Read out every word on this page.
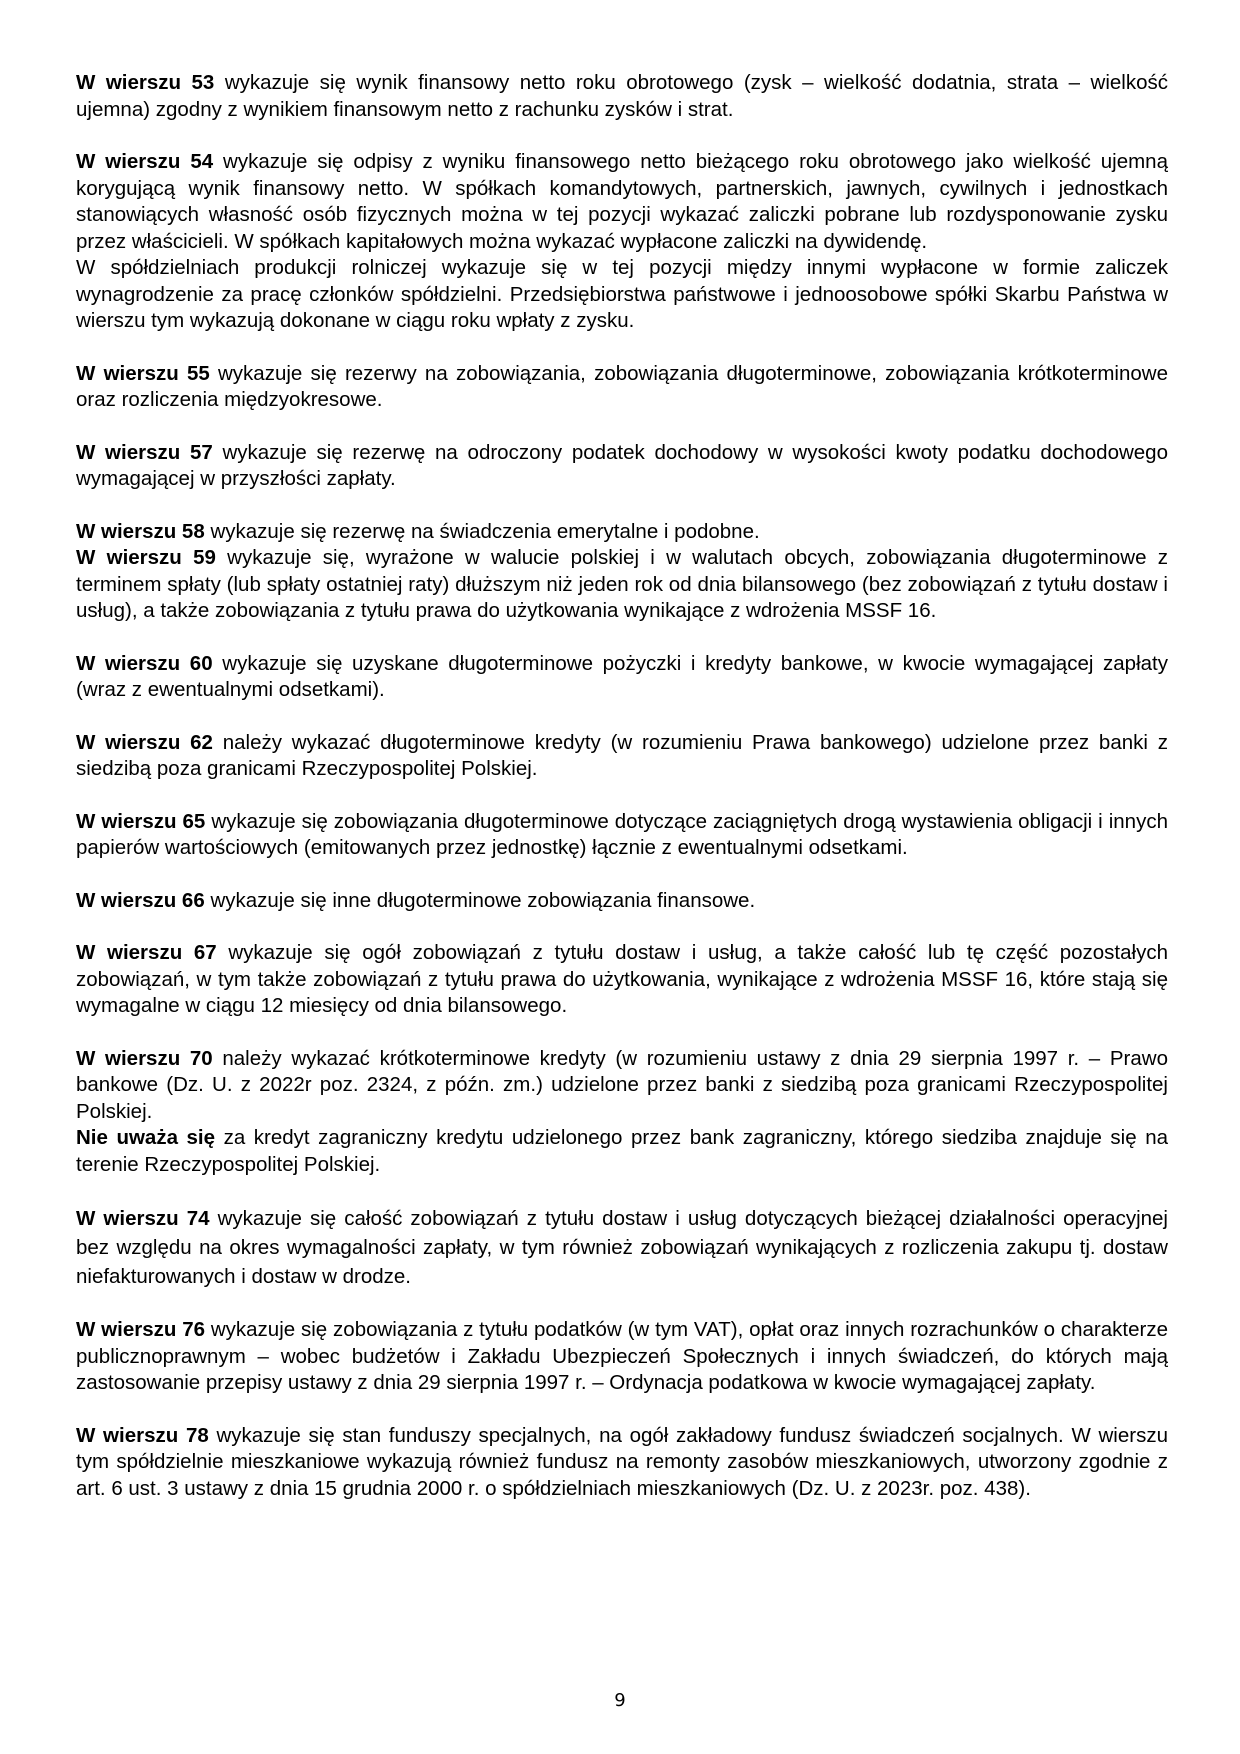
W wierszu 53 wykazuje się wynik finansowy netto roku obrotowego (zysk – wielkość dodatnia, strata – wielkość ujemna) zgodny z wynikiem finansowym netto z rachunku zysków i strat.

W wierszu 54 wykazuje się odpisy z wyniku finansowego netto bieżącego roku obrotowego jako wielkość ujemną korygującą wynik finansowy netto. W spółkach komandytowych, partnerskich, jawnych, cywilnych i jednostkach stanowiących własność osób fizycznych można w tej pozycji wykazać zaliczki pobrane lub rozdysponowanie zysku przez właścicieli. W spółkach kapitałowych można wykazać wypłacone zaliczki na dywidendę.

W spółdzielniach produkcji rolniczej wykazuje się w tej pozycji między innymi wypłacone w formie zaliczek wynagrodzenie za pracę członków spółdzielni. Przedsiębiorstwa państwowe i jednoosobowe spółki Skarbu Państwa w wierszu tym wykazują dokonane w ciągu roku wpłaty z zysku.

W wierszu 55 wykazuje się rezerwy na zobowiązania, zobowiązania długoterminowe, zobowiązania krótkoterminowe oraz rozliczenia międzyokresowe.

W wierszu 57 wykazuje się rezerwę na odroczony podatek dochodowy w wysokości kwoty podatku dochodowego wymagającej w przyszłości zapłaty.

W wierszu 58 wykazuje się rezerwę na świadczenia emerytalne i podobne.

W wierszu 59 wykazuje się, wyrażone w walucie polskiej i w walutach obcych, zobowiązania długoterminowe z terminem spłaty (lub spłaty ostatniej raty) dłuższym niż jeden rok od dnia bilansowego (bez zobowiązań z tytułu dostaw i usług), a także zobowiązania z tytułu prawa do użytkowania wynikające z wdrożenia MSSF 16.

W wierszu 60 wykazuje się uzyskane długoterminowe pożyczki i kredyty bankowe, w kwocie wymagającej zapłaty (wraz z ewentualnymi odsetkami).

W wierszu 62 należy wykazać długoterminowe kredyty (w rozumieniu Prawa bankowego) udzielone przez banki z siedzibą poza granicami Rzeczypospolitej Polskiej.

W wierszu 65 wykazuje się zobowiązania długoterminowe dotyczące zaciągniętych drogą wystawienia obligacji i innych papierów wartościowych (emitowanych przez jednostkę) łącznie z ewentualnymi odsetkami.

W wierszu 66 wykazuje się inne długoterminowe zobowiązania finansowe.

W wierszu 67 wykazuje się ogół zobowiązań z tytułu dostaw i usług, a także całość lub tę część pozostałych zobowiązań, w tym także zobowiązań z tytułu prawa do użytkowania, wynikające z wdrożenia MSSF 16, które stają się wymagalne w ciągu 12 miesięcy od dnia bilansowego.

W wierszu 70 należy wykazać krótkoterminowe kredyty (w rozumieniu ustawy z dnia 29 sierpnia 1997 r. – Prawo bankowe (Dz. U. z 2022r poz. 2324, z późn. zm.) udzielone przez banki z siedzibą poza granicami Rzeczypospolitej Polskiej.

Nie uważa się za kredyt zagraniczny kredytu udzielonego przez bank zagraniczny, którego siedziba znajduje się na terenie Rzeczypospolitej Polskiej.

W wierszu 74 wykazuje się całość zobowiązań z tytułu dostaw i usług dotyczących bieżącej działalności operacyjnej bez względu na okres wymagalności zapłaty, w tym również zobowiązań wynikających z rozliczenia zakupu tj. dostaw niefakturowanych i dostaw w drodze.

W wierszu 76 wykazuje się zobowiązania z tytułu podatków (w tym VAT), opłat oraz innych rozrachunków o charakterze publicznoprawnym – wobec budżetów i Zakładu Ubezpieczeń Społecznych i innych świadczeń, do których mają zastosowanie przepisy ustawy z dnia 29 sierpnia 1997 r. – Ordynacja podatkowa w kwocie wymagającej zapłaty.

W wierszu 78 wykazuje się stan funduszy specjalnych, na ogół zakładowy fundusz świadczeń socjalnych. W wierszu tym spółdzielnie mieszkaniowe wykazują również fundusz na remonty zasobów mieszkaniowych, utworzony zgodnie z art. 6 ust. 3 ustawy z dnia 15 grudnia 2000 r. o spółdzielniach mieszkaniowych (Dz. U. z 2023r. poz. 438).

9
